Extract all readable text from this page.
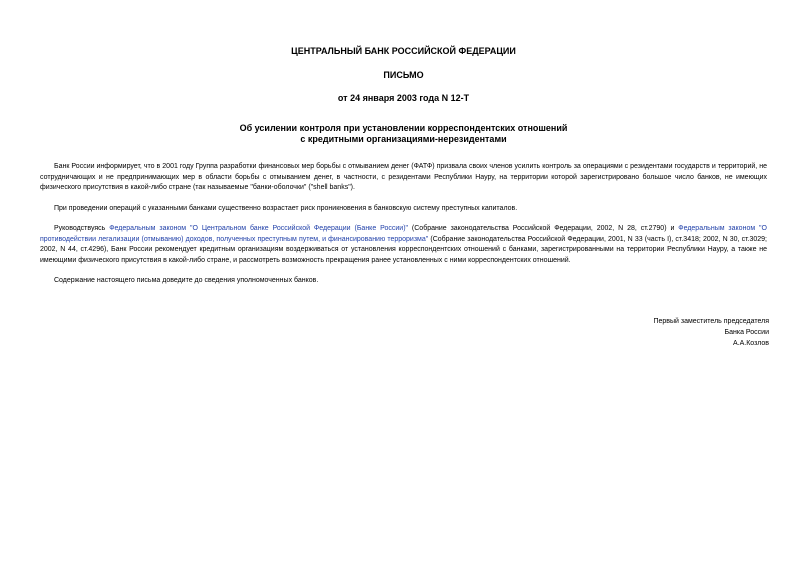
ЦЕНТРАЛЬНЫЙ БАНК РОССИЙСКОЙ ФЕДЕРАЦИИ
ПИСЬМО
от 24 января 2003 года N 12-Т
Об усилении контроля при установлении корреспондентских отношений
с кредитными организациями-нерезидентами
Банк России информирует, что в 2001 году Группа разработки финансовых мер борьбы с отмыванием денег (ФАТФ) призвала своих членов усилить контроль за операциями с резидентами государств и территорий, не сотрудничающих и не предпринимающих мер в области борьбы с отмыванием денег, в частности, с резидентами Республики Науру, на территории которой зарегистрировано большое число банков, не имеющих физического присутствия в какой-либо стране (так называемые "банки-оболочки" ("shell banks").
При проведении операций с указанными банками существенно возрастает риск проникновения в банковскую систему преступных капиталов.
Руководствуясь Федеральным законом "О Центральном банке Российской Федерации (Банке России)" (Собрание законодательства Российской Федерации, 2002, N 28, ст.2790) и Федеральным законом "О противодействии легализации (отмыванию) доходов, полученных преступным путем, и финансированию терроризма" (Собрание законодательства Российской Федерации, 2001, N 33 (часть I), ст.3418; 2002, N 30, ст.3029; 2002, N 44, ст.4296), Банк России рекомендует кредитным организациям воздерживаться от установления корреспондентских отношений с банками, зарегистрированными на территории Республики Науру, а также не имеющими физического присутствия в какой-либо стране, и рассмотреть возможность прекращения ранее установленных с ними корреспондентских отношений.
Содержание настоящего письма доведите до сведения уполномоченных банков.
Первый заместитель председателя
Банка России
А.А.Козлов
